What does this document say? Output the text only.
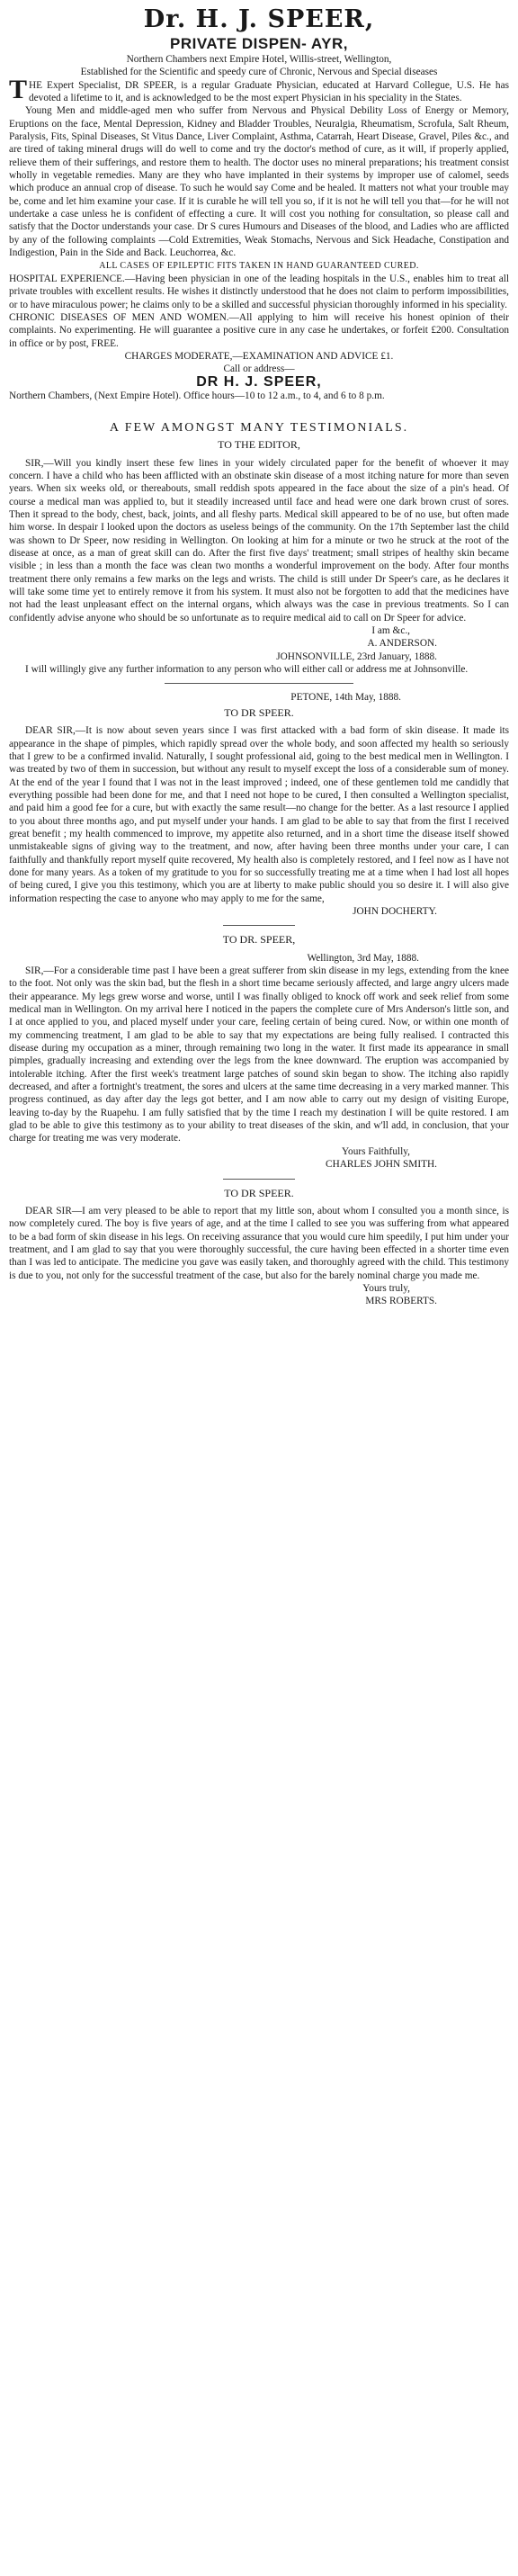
Dr. H. J. SPEER,
PRIVATE DISPEN- AYR,

Northern Chambers next Empire Hotel, Willis-street, Wellington,

Established for the Scientific and speedy cure of Chronic, Nervous and Special diseases

THE Expert Specialist, DR SPEER, is a regular Graduate Physician, educated at Harvard Collegue, U.S. He has devoted a lifetime to it, and is acknowledged to be the most expert Physician in his speciality in the States.

Young Men and middle-aged men who suffer from Nervous and Physical Debility Loss of Energy or Memory, Eruptions on the face, Mental Depression, Kidney and Bladder Troubles, Neuralgia, Rheumatism, Scrofula, Salt Rheum, Paralysis, Fits, Spinal Diseases, St Vitus Dance, Liver Complaint, Asthma, Catarrah, Heart Disease, Gravel, Piles &c., and are tired of taking mineral drugs will do well to come and try the doctor's method of cure, as it will, if properly applied, relieve them of their sufferings, and restore them to health. The doctor uses no mineral preparations; his treatment consist wholly in vegetable remedies. Many are they who have implanted in their systems by improper use of calomel, seeds which produce an annual crop of disease. To such he would say Come and be healed. It matters not what your trouble may be, come and let him examine your case. If it is curable he will tell you so, if it is not he will tell you that—for he will not undertake a case unless he is confident of effecting a cure. It will cost you nothing for consultation, so please call and satisfy that the Doctor understands your case. Dr S cures Humours and Diseases of the blood, and Ladies who are afflicted by any of the following complaints —Cold Extremities, Weak Stomachs, Nervous and Sick Headache, Constipation and Indigestion, Pain in the Side and Back. Leuchorrea, &c.

ALL CASES OF EPILEPTIC FITS TAKEN IN HAND GUARANTEED CURED.

HOSPITAL EXPERIENCE.—Having been physician in one of the leading hospitals in the U.S., enables him to treat all private troubles with excellent results. He wishes it distinctly understood that he does not claim to perform impossibilities, or to have miraculous power; he claims only to be a skilled and successful physician thoroughly informed in his speciality.

CHRONIC DISEASES OF MEN AND WOMEN.—All applying to him will receive his honest opinion of their complaints. No experimenting. He will guarantee a positive cure in any case he undertakes, or forfeit £200. Consultation in office or by post, FREE.

CHARGES MODERATE,—EXAMINATION AND ADVICE £1.

Call or address—

DR H. J. SPEER,

Northern Chambers, (Next Empire Hotel). Office hours—10 to 12 a.m., to 4, and 6 to 8 p.m.

A FEW AMONGST MANY TESTIMONIALS.
TO THE EDITOR,

SIR,—Will you kindly insert these few lines in your widely circulated paper for the benefit of whoever it may concern. I have a child who has been afflicted with an obstinate skin disease of a most itching nature for more than seven years. When six weeks old, or thereabouts, small reddish spots appeared in the face about the size of a pin's head. Of course a medical man was applied to, but it steadily increased until face and head were one dark brown crust of sores. Then it spread to the body, chest, back, joints, and all fleshy parts. Medical skill appeared to be of no use, but often made him worse. In despair I looked upon the doctors as useless beings of the community. On the 17th September last the child was shown to Dr Speer, now residing in Wellington. On looking at him for a minute or two he struck at the root of the disease at once, as a man of great skill can do. After the first five days' treatment; small stripes of healthy skin became visible ; in less than a month the face was clean two months a wonderful improvement on the body. After four months treatment there only remains a few marks on the legs and wrists. The child is still under Dr Speer's care, as he declares it will take some time yet to entirely remove it from his system. It must also not be forgotten to add that the medicines have not had the least unpleasant effect on the internal organs, which always was the case in previous treatments. So I can confidently advise anyone who should be so unfortunate as to require medical aid to call on Dr Speer for advice.

I am &c.,

A. ANDERSON.

JOHNSONVILLE, 23rd January, 1888.

I will willingly give any further information to any person who will either call or address me at Johnsonville.

PETONE, 14th May, 1888.

TO DR SPEER.

DEAR SIR,—It is now about seven years since I was first attacked with a bad form of skin disease. It made its appearance in the shape of pimples, which rapidly spread over the whole body, and soon affected my health so seriously that I grew to be a confirmed invalid. Naturally, I sought professional aid, going to the best medical men in Wellington. I was treated by two of them in succession, but without any result to myself except the loss of a considerable sum of money. At the end of the year I found that I was not in the least improved ; indeed, one of these gentlemen told me candidly that everything possible had been done for me, and that I need not hope to be cured, I then consulted a Wellington specialist, and paid him a good fee for a cure, but with exactly the same result—no change for the better. As a last resource I applied to you about three months ago, and put myself under your hands. I am glad to be able to say that from the first I received great benefit ; my health commenced to improve, my appetite also returned, and in a short time the disease itself showed unmistakeable signs of giving way to the treatment, and now, after having been three months under your care, I can faithfully and thankfully report myself quite recovered, My health also is completely restored, and I feel now as I have not done for many years. As a token of my gratitude to you for so successfully treating me at a time when I had lost all hopes of being cured, I give you this testimony, which you are at liberty to make public should you so desire it. I will also give information respecting the case to anyone who may apply to me for the same,

JOHN DOCHERTY.

TO DR. SPEER,

Wellington, 3rd May, 1888.

SIR,—For a considerable time past I have been a great sufferer from skin disease in my legs, extending from the knee to the foot. Not only was the skin bad, but the flesh in a short time became seriously affected, and large angry ulcers made their appearance. My legs grew worse and worse, until I was finally obliged to knock off work and seek relief from some medical man in Wellington. On my arrival here I noticed in the papers the complete cure of Mrs Anderson's little son, and I at once applied to you, and placed myself under your care, feeling certain of being cured. Now, or within one month of my commencing treatment, I am glad to be able to say that my expectations are being fully realised. I contracted this disease during my occupation as a miner, through remaining two long in the water. It first made its appearance in small pimples, gradually increasing and extending over the legs from the knee downward. The eruption was accompanied by intolerable itching. After the first week's treatment large patches of sound skin began to show. The itching also rapidly decreased, and after a fortnight's treatment, the sores and ulcers at the same time decreasing in a very marked manner. This progress continued, as day after day the legs got better, and I am now able to carry out my design of visiting Europe, leaving to-day by the Ruapehu. I am fully satisfied that by the time I reach my destination I will be quite restored. I am glad to be able to give this testimony as to your ability to treat diseases of the skin, and w'll add, in conclusion, that your charge for treating me was very moderate.

Yours Faithfully,

CHARLES JOHN SMITH.

TO DR SPEER.

DEAR SIR—I am very pleased to be able to report that my little son, about whom I consulted you a month since, is now completely cured. The boy is five years of age, and at the time I called to see you was suffering from what appeared to be a bad form of skin disease in his legs. On receiving assurance that you would cure him speedily, I put him under your treatment, and I am glad to say that you were thoroughly successful, the cure having been effected in a shorter time even than I was led to anticipate. The medicine you gave was easily taken, and thoroughly agreed with the child. This testimony is due to you, not only for the successful treatment of the case, but also for the barely nominal charge you made me.

Yours truly,

MRS ROBERTS.
